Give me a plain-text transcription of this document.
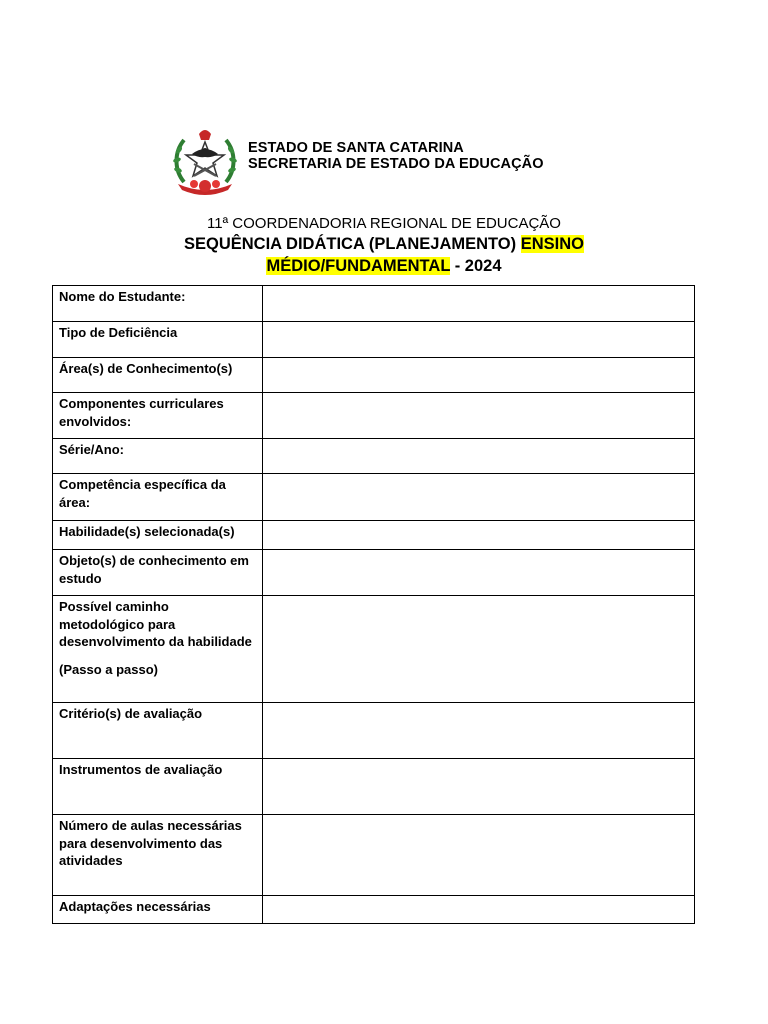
ESTADO DE SANTA CATARINA
SECRETARIA DE ESTADO DA EDUCAÇÃO
11ª COORDENADORIA REGIONAL DE EDUCAÇÃO
SEQUÊNCIA DIDÁTICA (PLANEJAMENTO) ENSINO
MÉDIO/FUNDAMENTAL - 2024
Nome do Estudante:	
Tipo de Deficiência	
Área(s) de Conhecimento(s)	
Componentes curriculares envolvidos:	
Série/Ano:	
Competência específica da área:	
Habilidade(s) selecionada(s)	
Objeto(s) de conhecimento em estudo	
Possível caminho metodológico para desenvolvimento da habilidade
(Passo a passo)	

Critério(s) de avaliação	
Instrumentos de avaliação	
Número de aulas necessárias para desenvolvimento das atividades	
Adaptações necessárias	
